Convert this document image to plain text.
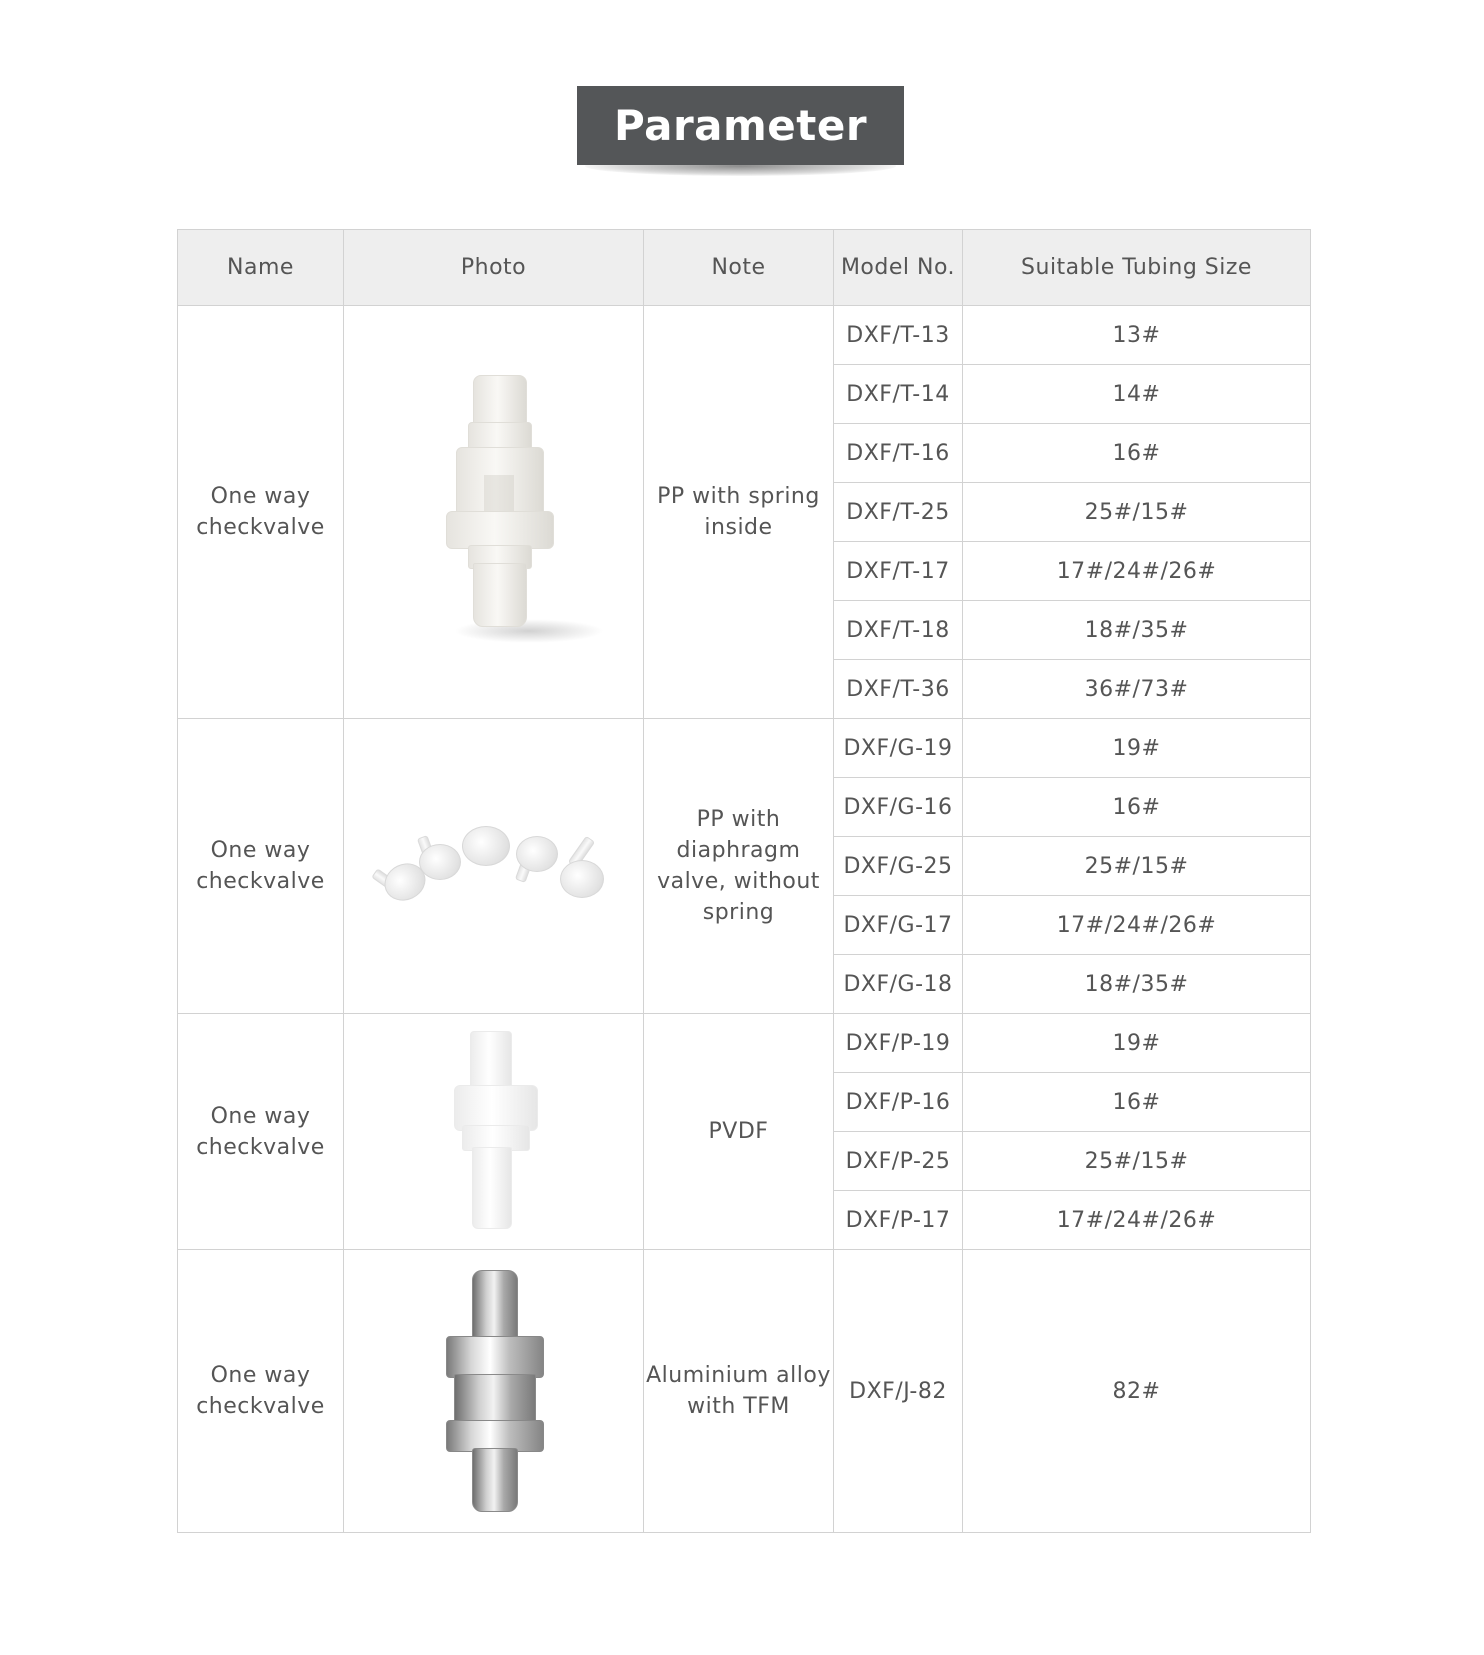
Parameter
Name	Photo	Note	Model No.	Suitable Tubing Size
One way checkvalve		PP with spring inside	DXF/T-13	13#
			DXF/T-14	14#
			DXF/T-16	16#
			DXF/T-25	25#/15#
			DXF/T-17	17#/24#/26#
			DXF/T-18	18#/35#
			DXF/T-36	36#/73#
One way checkvalve		PP with diaphragm valve, without spring	DXF/G-19	19#
			DXF/G-16	16#
			DXF/G-25	25#/15#
			DXF/G-17	17#/24#/26#
			DXF/G-18	18#/35#
One way checkvalve		PVDF	DXF/P-19	19#
			DXF/P-16	16#
			DXF/P-25	25#/15#
			DXF/P-17	17#/24#/26#
One way checkvalve		Aluminium alloy with TFM	DXF/J-82	82#
